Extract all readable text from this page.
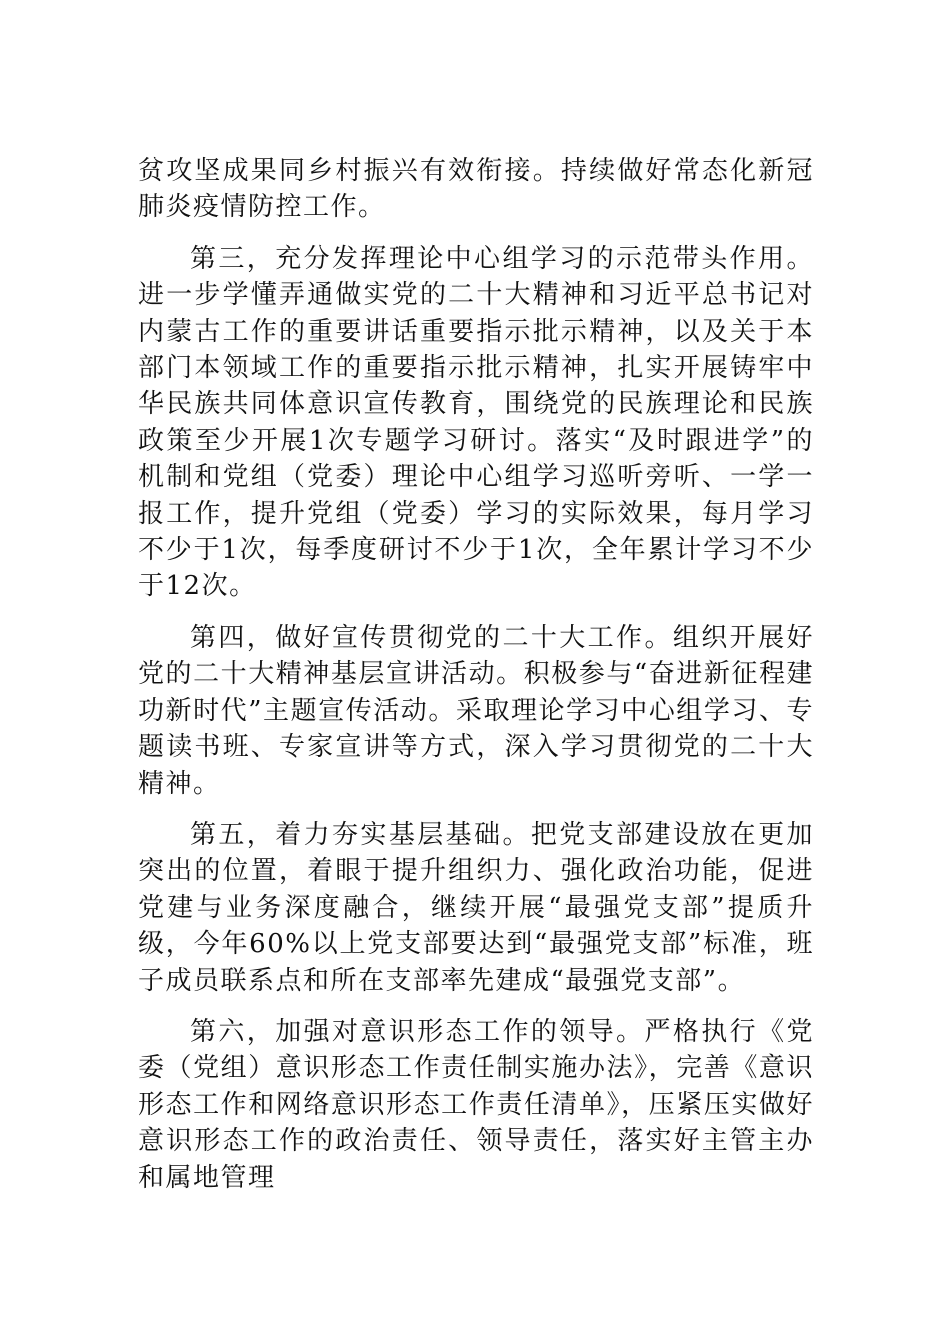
贫攻坚成果同乡村振兴有效衔接。持续做好常态化新冠肺炎疫情防控工作。

第三，充分发挥理论中心组学习的示范带头作用。进一步学懂弄通做实党的二十大精神和习近平总书记对内蒙古工作的重要讲话重要指示批示精神，以及关于本部门本领域工作的重要指示批示精神，扎实开展铸牢中华民族共同体意识宣传教育，围绕党的民族理论和民族政策至少开展1次专题学习研讨。落实“及时跟进学”的机制和党组（党委）理论中心组学习巡听旁听、一学一报工作，提升党组（党委）学习的实际效果，每月学习不少于1次，每季度研讨不少于1次，全年累计学习不少于12次。

第四，做好宣传贯彻党的二十大工作。组织开展好党的二十大精神基层宣讲活动。积极参与“奋进新征程建功新时代”主题宣传活动。采取理论学习中心组学习、专题读书班、专家宣讲等方式，深入学习贯彻党的二十大精神。

第五，着力夯实基层基础。把党支部建设放在更加突出的位置，着眼于提升组织力、强化政治功能，促进党建与业务深度融合，继续开展“最强党支部”提质升级，今年60%以上党支部要达到“最强党支部”标准，班子成员联系点和所在支部率先建成“最强党支部”。

第六，加强对意识形态工作的领导。严格执行《党委（党组）意识形态工作责任制实施办法》，完善《意识形态工作和网络意识形态工作责任清单》，压紧压实做好意识形态工作的政治责任、领导责任，落实好主管主办和属地管理
